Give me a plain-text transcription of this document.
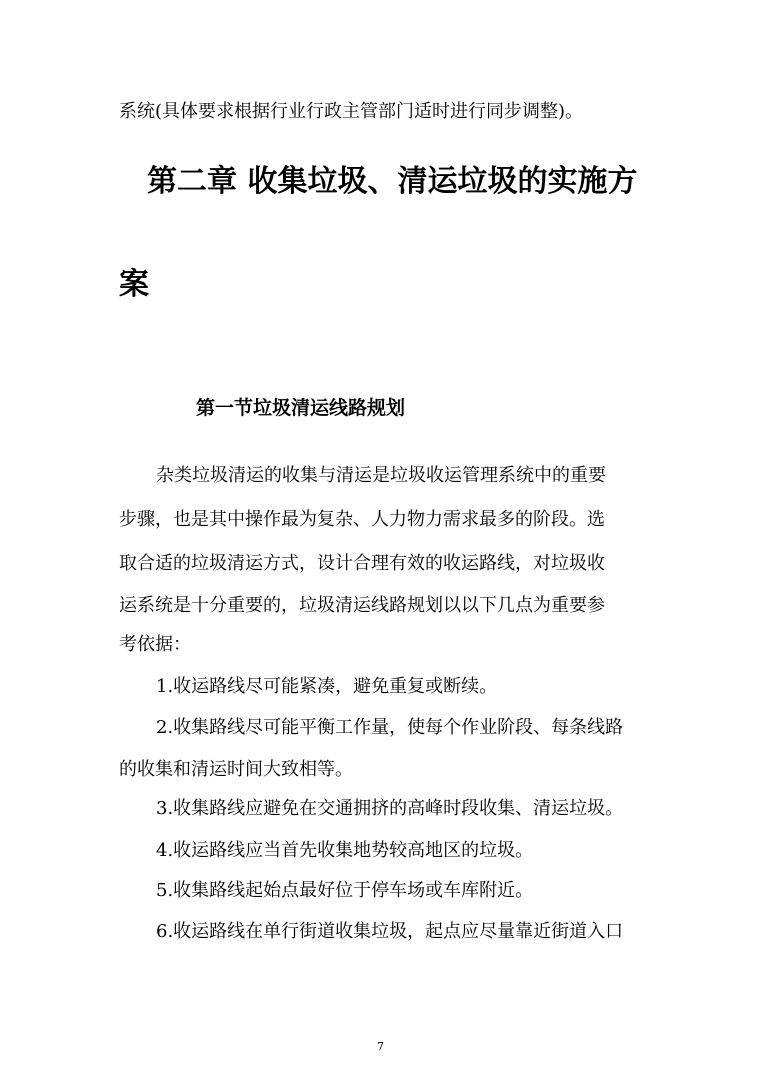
系统(具体要求根据行业行政主管部门适时进行同步调整)。
第二章 收集垃圾、清运垃圾的实施方
案
第一节垃圾清运线路规划
杂类垃圾清运的收集与清运是垃圾收运管理系统中的重要
步骤，也是其中操作最为复杂、人力物力需求最多的阶段。选
取合适的垃圾清运方式，设计合理有效的收运路线，对垃圾收
运系统是十分重要的，垃圾清运线路规划以以下几点为重要参
考依据：
1.收运路线尽可能紧凑，避免重复或断续。
2.收集路线尽可能平衡工作量，使每个作业阶段、每条线路
的收集和清运时间大致相等。
3.收集路线应避免在交通拥挤的高峰时段收集、清运垃圾。
4.收运路线应当首先收集地势较高地区的垃圾。
5.收集路线起始点最好位于停车场或车库附近。
6.收运路线在单行街道收集垃圾，起点应尽量靠近街道入口
7
